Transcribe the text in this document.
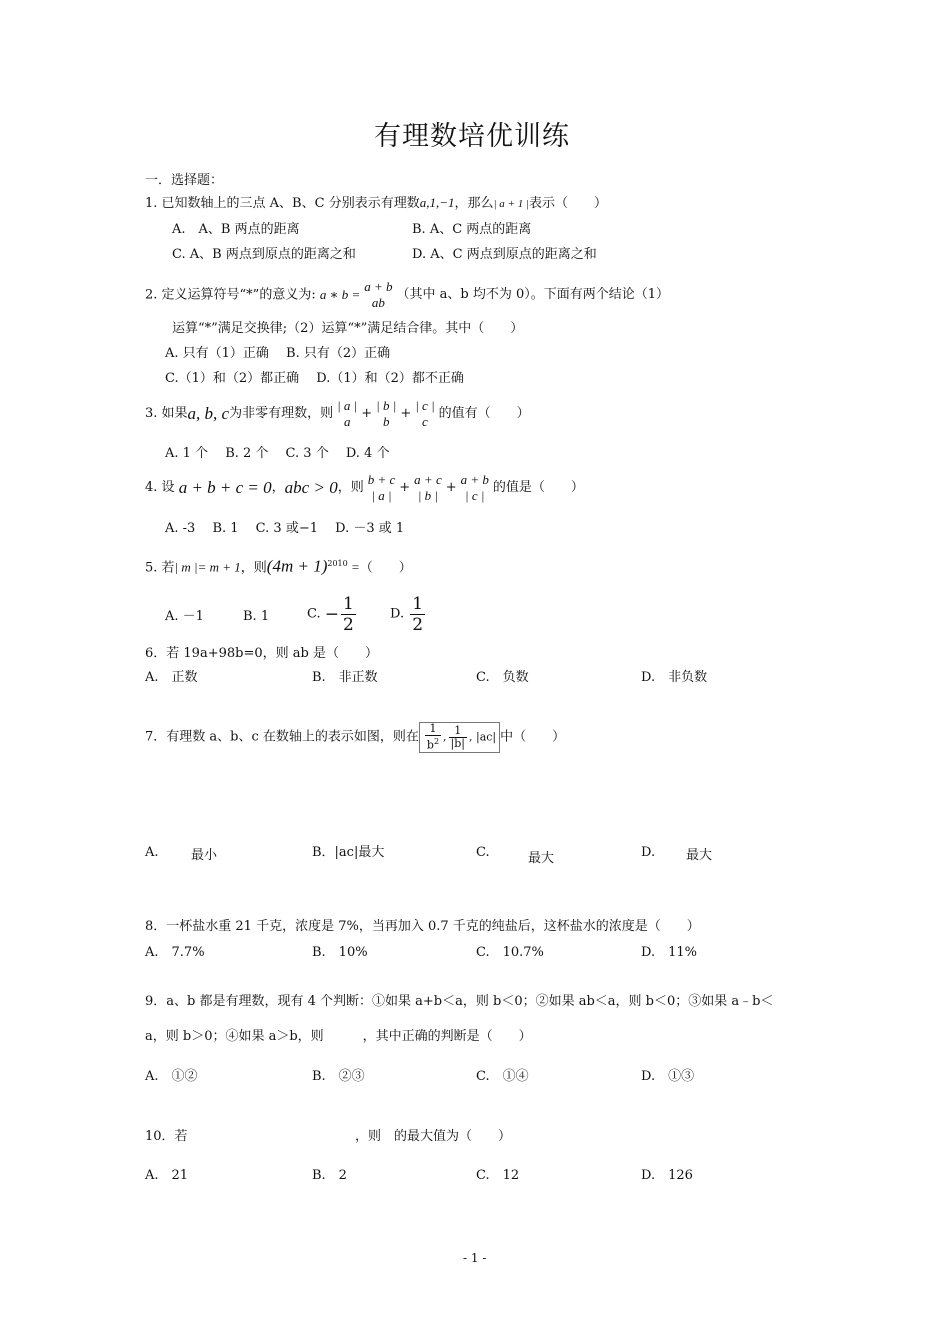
有理数培优训练
一．选择题：
1. 已知数轴上的三点 A、B、C 分别表示有理数a,1,−1，那么| a + 1 |表示（　　）
A.　A、B 两点的距离	B. A、C 两点的距离
C. A、B 两点到原点的距离之和	D. A、C 两点到原点的距离之和
2. 定义运算符号“*”的意义为: a ∗ b =
a + b
ab
（其中 a、b 均不为 0）。下面有两个结论（1）
运算“*”满足交换律;（2）运算“*”满足结合律。其中（　　）
A. 只有（1）正确　 B. 只有（2）正确
C.（1）和（2）都正确　 D.（1）和（2）都不正确
3. 如果a, b, c为非零有理数，则
| a |
a
+
| b |
b
+
| c |
c
的值有（　　）
A. 1 个　 B. 2 个　 C. 3 个　 D. 4 个
4. 设 a + b + c = 0，abc > 0，则
b + c
| a |
+
a + c
| b |
+
a + b
| c |
的值是（　　）
A. -3　 B. 1　 C. 3 或−1　 D. －3 或 1
5. 若| m |= m + 1，则$(4m + 1)^{2010}$ =（　　）
A. －1	B. 1	C. − $\frac{1}{2}$	D. $\frac{1}{2}$
6．若 19a+98b=0，则 ab 是（　　）
A.　正数	B.　非正数	C.　负数	D.　非负数
7．有理数 a、b、c 在数轴上的表示如图，则在 $\frac{1}{b^2}$ , $\frac{1}{|b|}$ , |ac| 中（　　）
A. 最小	B．|ac|最大	C.	最大	D. 最大
8．一杯盐水重 21 千克，浓度是 7%，当再加入 0.7 千克的纯盐后，这杯盐水的浓度是（　　）
A.　7.7%	B.　10%	C.　10.7%	D.　11%
9．a、b 都是有理数，现有 4 个判断：①如果 a+b＜a，则 b＜0；②如果 ab＜a，则 b＜0；③如果 a﹣b＜
a，则 b＞0；④如果 a＞b，则　　　，其中正确的判断是（　　）
A.　①②	B.　②③	C.　①④	D.　①③
10．若	，则　的最大值为（　　）
A.　21	B.　2	C.　12	D.　126
- 1 -
